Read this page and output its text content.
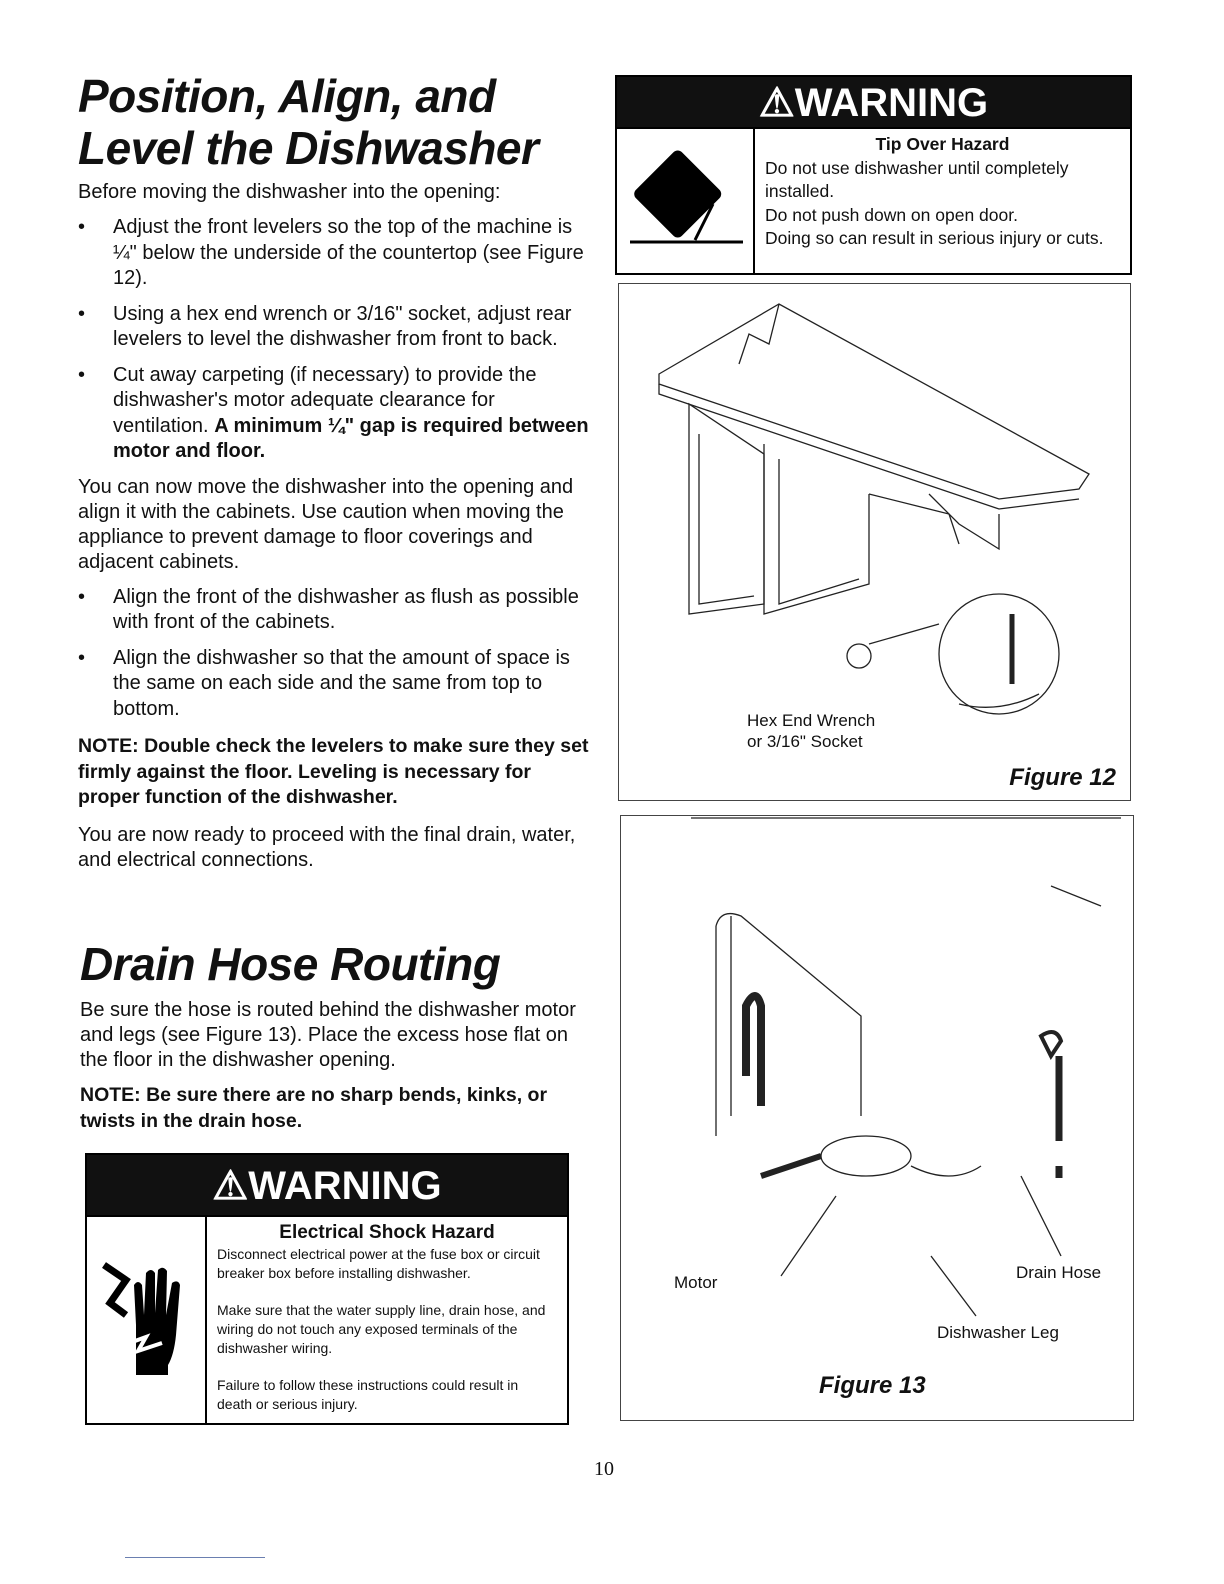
Position, Align, and
Level the Dishwasher

Before moving the dishwasher into the opening:

• Adjust the front levelers so the top of the machine is ¼" below the underside of the countertop (see Figure 12).
• Using a hex end wrench or 3/16" socket, adjust rear levelers to level the dishwasher from front to back.
• Cut away carpeting (if necessary) to provide the dishwasher's motor adequate clearance for ventilation. A minimum ¼" gap is required between motor and floor.

You can now move the dishwasher into the opening and align it with the cabinets. Use caution when moving the appliance to prevent damage to floor coverings and adjacent cabinets.

• Align the front of the dishwasher as flush as possible with front of the cabinets.
• Align the dishwasher so that the amount of space is the same on each side and the same from top to bottom.

NOTE: Double check the levelers to make sure they set firmly against the floor. Leveling is necessary for proper function of the dishwasher.

You are now ready to proceed with the final drain, water, and electrical connections.

Drain Hose Routing

Be sure the hose is routed behind the dishwasher motor and legs (see Figure 13). Place the excess hose flat on the floor in the dishwasher opening.

NOTE: Be sure there are no sharp bends, kinks, or twists in the drain hose.

⚠WARNING
Electrical Shock Hazard
Disconnect electrical power at the fuse box or circuit breaker box before installing dishwasher.
Make sure that the water supply line, drain hose, and wiring do not touch any exposed terminals of the dishwasher wiring.
Failure to follow these instructions could result in death or serious injury.
⚠WARNING
Tip Over Hazard
Do not use dishwasher until completely installed.
Do not push down on open door.
Doing so can result in serious injury or cuts.
Hex End Wrench
or 3/16" Socket
Figure 12
Motor
Drain Hose
Dishwasher Leg
Figure 13
10
